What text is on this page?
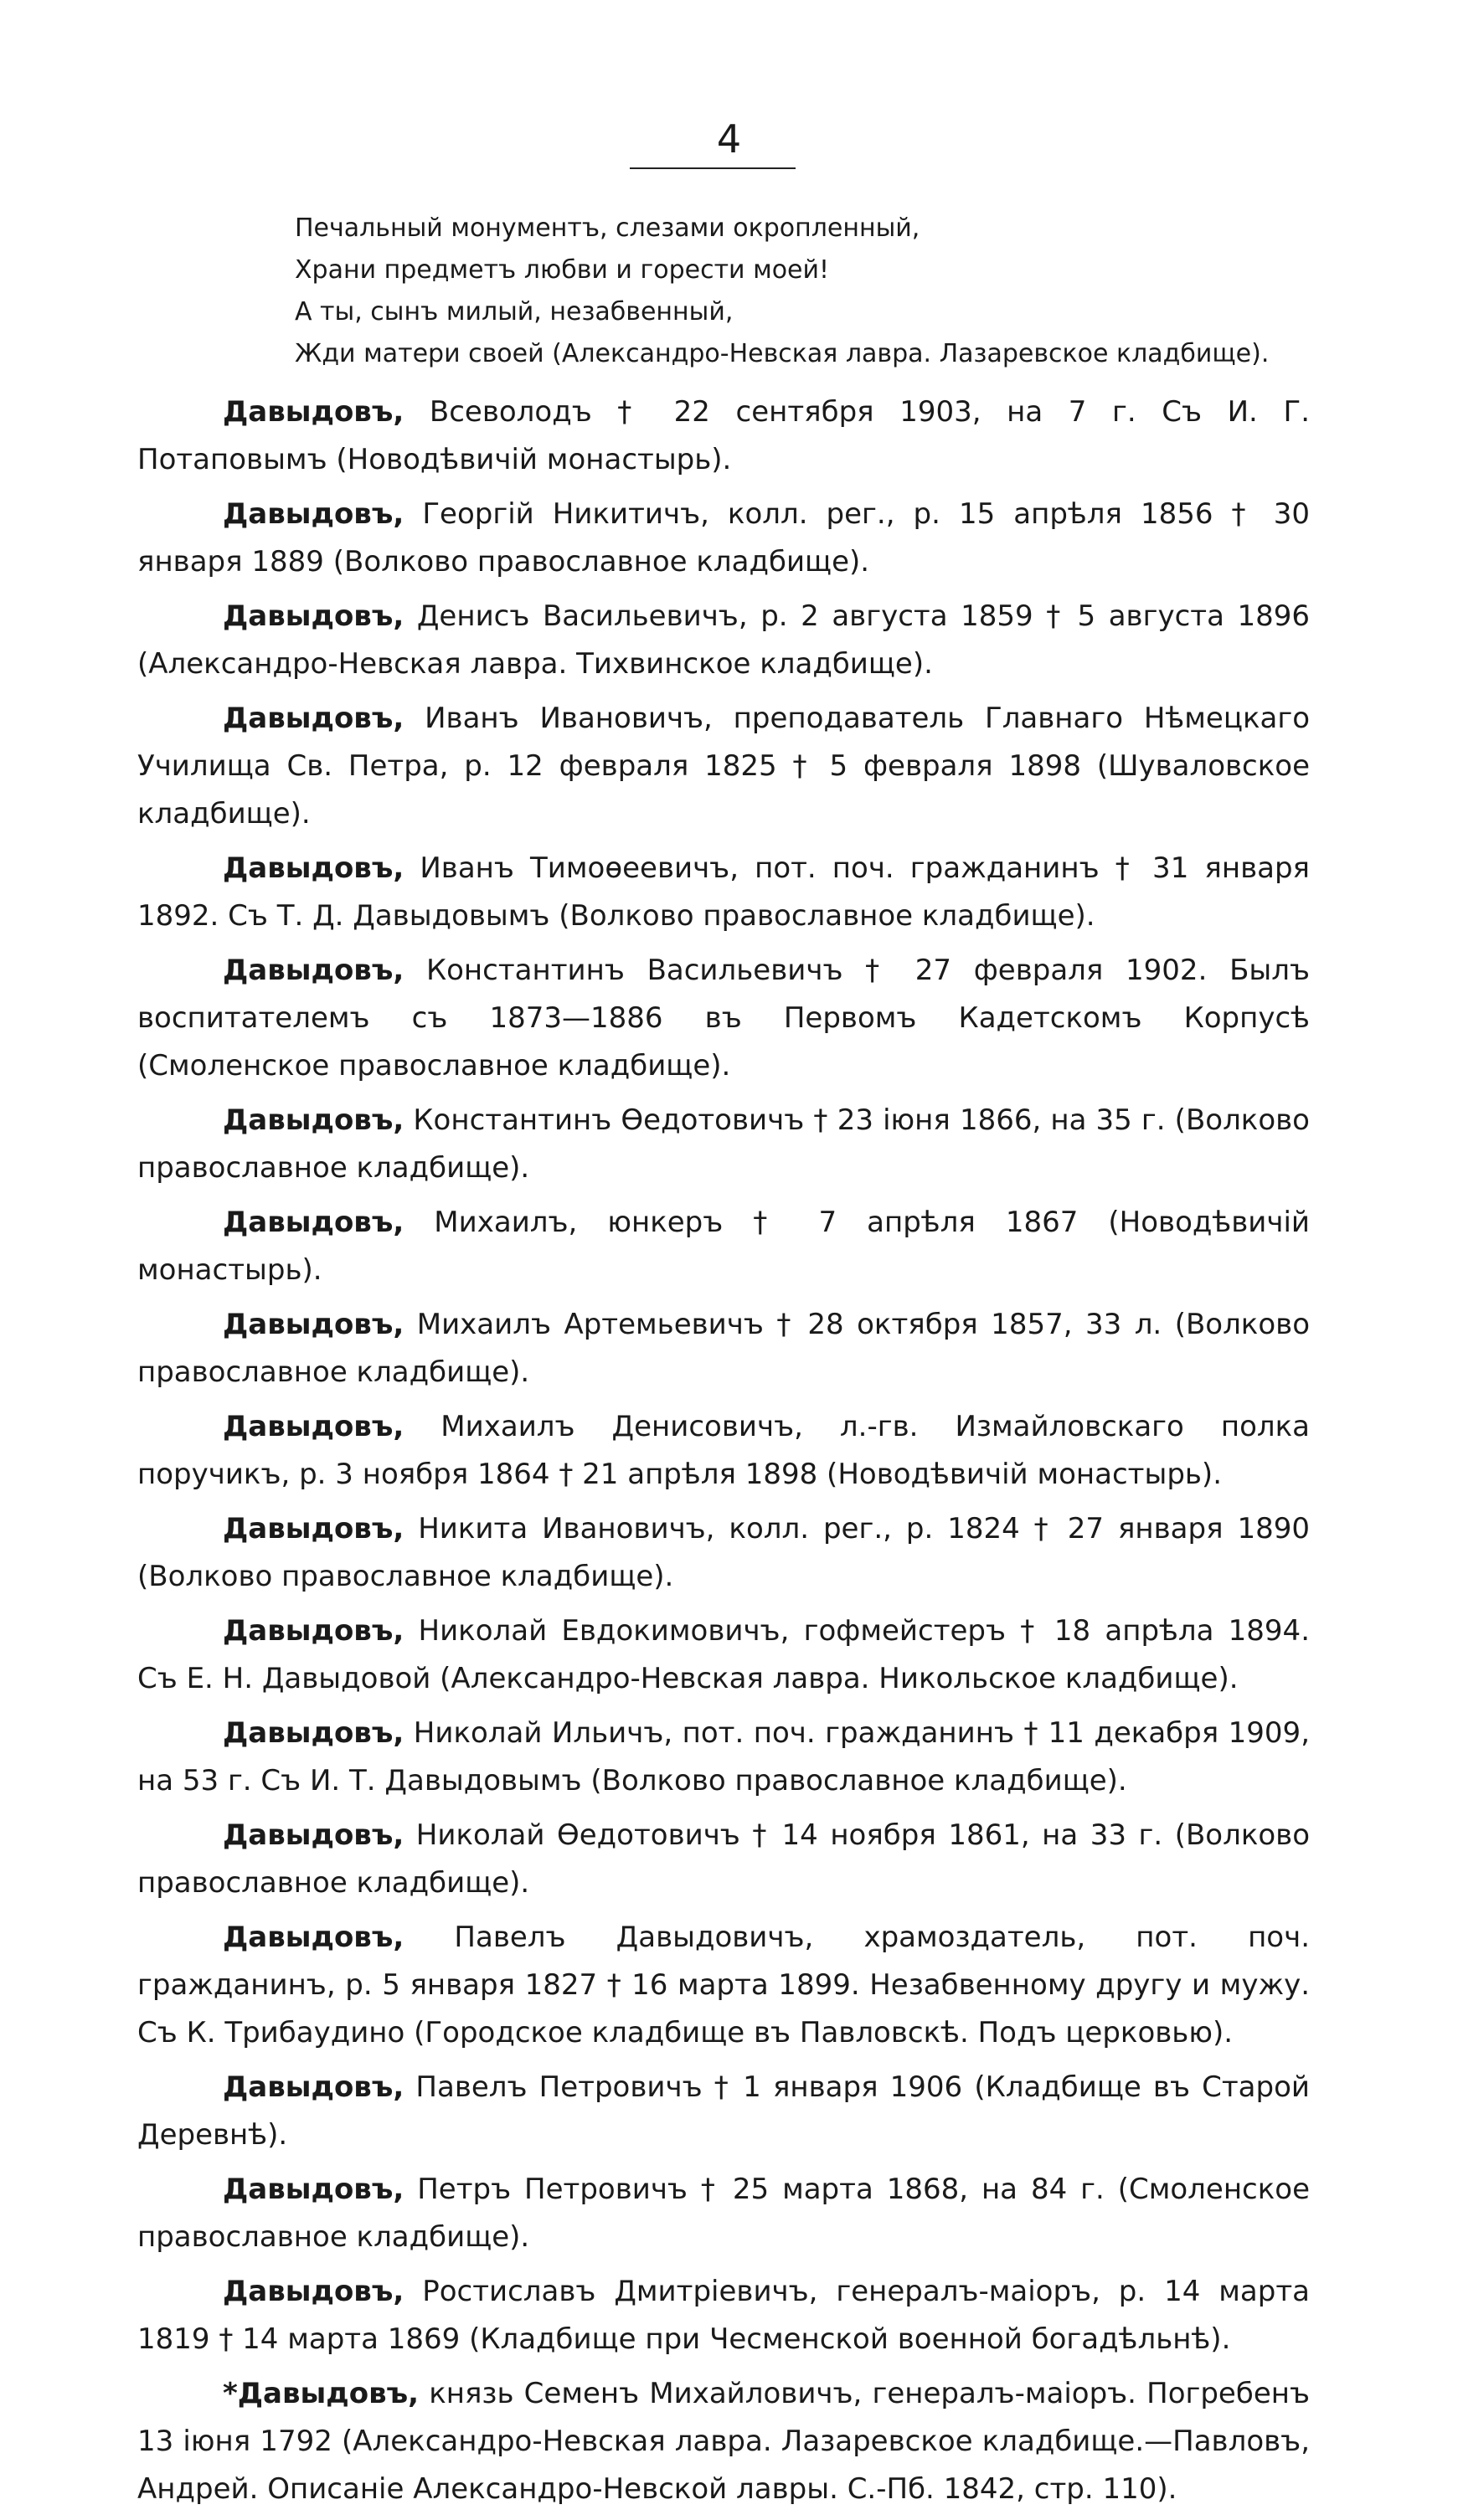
4
Печальный монументъ, слезами окропленный,
Храни предметъ любви и горести моей!
А ты, сынъ милый, незабвенный,
Жди матери своей (Александро-Невская лавра. Лазаревское кладбище).

Давыдовъ, Всеволодъ † 22 сентября 1903, на 7 г. Съ И. Г. Потаповымъ (Новодѣвичій монастырь).

Давыдовъ, Георгій Никитичъ, колл. рег., р. 15 апрѣля 1856 † 30 января 1889 (Волково православное кладбище).

Давыдовъ, Денисъ Васильевичъ, р. 2 августа 1859 † 5 августа 1896 (Александро-Невская лавра. Тихвинское кладбище).

Давыдовъ, Иванъ Ивановичъ, преподаватель Главнаго Нѣмецкаго Училища Св. Петра, р. 12 февраля 1825 † 5 февраля 1898 (Шуваловское кладбище).

Давыдовъ, Иванъ Тимоѳеевичъ, пот. поч. гражданинъ † 31 января 1892. Съ Т. Д. Давыдовымъ (Волково православное кладбище).

Давыдовъ, Константинъ Васильевичъ † 27 февраля 1902. Былъ воспитателемъ съ 1873—1886 въ Первомъ Кадетскомъ Корпусѣ (Смоленское православное кладбище).

Давыдовъ, Константинъ Ѳедотовичъ † 23 іюня 1866, на 35 г. (Волково православное кладбище).

Давыдовъ, Михаилъ, юнкеръ † 7 апрѣля 1867 (Новодѣвичій монастырь).

Давыдовъ, Михаилъ Артемьевичъ † 28 октября 1857, 33 л. (Волково православное кладбище).

Давыдовъ, Михаилъ Денисовичъ, л.-гв. Измайловскаго полка поручикъ, р. 3 ноября 1864 † 21 апрѣля 1898 (Новодѣвичій монастырь).

Давыдовъ, Никита Ивановичъ, колл. рег., р. 1824 † 27 января 1890 (Волково православное кладбище).

Давыдовъ, Николай Евдокимовичъ, гофмейстеръ † 18 апрѣла 1894. Съ Е. Н. Давыдовой (Александро-Невская лавра. Никольское кладбище).

Давыдовъ, Николай Ильичъ, пот. поч. гражданинъ † 11 декабря 1909, на 53 г. Съ И. Т. Давыдовымъ (Волково православное кладбище).

Давыдовъ, Николай Ѳедотовичъ † 14 ноября 1861, на 33 г. (Волково православное кладбище).

Давыдовъ, Павелъ Давыдовичъ, храмоздатель, пот. поч. гражданинъ, р. 5 января 1827 † 16 марта 1899. Незабвенному другу и мужу. Съ К. Трибаудино (Городское кладбище въ Павловскѣ. Подъ церковью).

Давыдовъ, Павелъ Петровичъ † 1 января 1906 (Кладбище въ Старой Деревнѣ).

Давыдовъ, Петръ Петровичъ † 25 марта 1868, на 84 г. (Смоленское православное кладбище).

Давыдовъ, Ростиславъ Дмитріевичъ, генералъ-маіоръ, р. 14 марта 1819 † 14 марта 1869 (Кладбище при Чесменской военной богадѣльнѣ).

*Давыдовъ, князь Семенъ Михайловичъ, генералъ-маіоръ. Погребенъ 13 іюня 1792 (Александро-Невская лавра. Лазаревское кладбище.—Павловъ, Андрей. Описаніе Александро-Невской лавры. С.-Пб. 1842, стр. 110).
